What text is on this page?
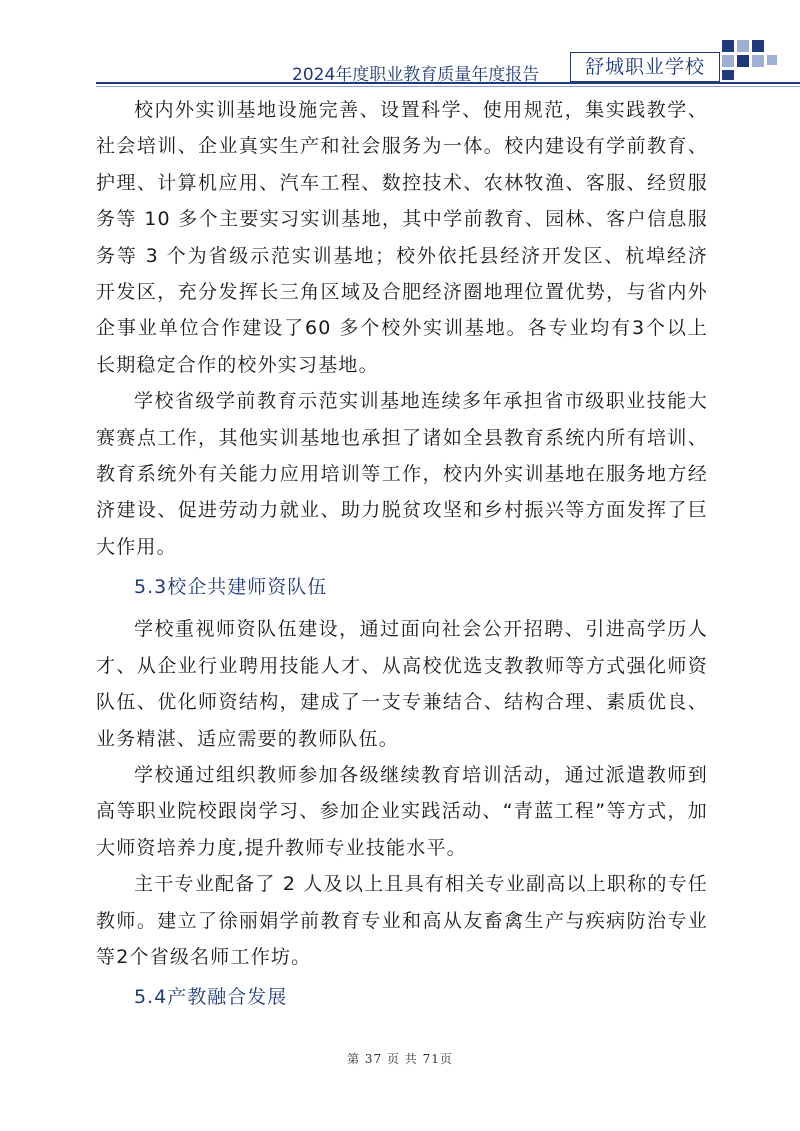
2024年度职业教育质量年度报告	舒城职业学校

校内外实训基地设施完善、设置科学、使用规范，集实践教学、社会培训、企业真实生产和社会服务为一体。校内建设有学前教育、护理、计算机应用、汽车工程、数控技术、农林牧渔、客服、经贸服务等 10 多个主要实习实训基地，其中学前教育、园林、客户信息服务等 3 个为省级示范实训基地；校外依托县经济开发区、杭埠经济开发区，充分发挥长三角区域及合肥经济圈地理位置优势，与省内外企事业单位合作建设了60 多个校外实训基地。各专业均有3个以上长期稳定合作的校外实习基地。

学校省级学前教育示范实训基地连续多年承担省市级职业技能大赛赛点工作，其他实训基地也承担了诸如全县教育系统内所有培训、教育系统外有关能力应用培训等工作，校内外实训基地在服务地方经济建设、促进劳动力就业、助力脱贫攻坚和乡村振兴等方面发挥了巨大作用。

5.3校企共建师资队伍

学校重视师资队伍建设，通过面向社会公开招聘、引进高学历人才、从企业行业聘用技能人才、从高校优选支教教师等方式强化师资队伍、优化师资结构，建成了一支专兼结合、结构合理、素质优良、业务精湛、适应需要的教师队伍。

学校通过组织教师参加各级继续教育培训活动，通过派遣教师到高等职业院校跟岗学习、参加企业实践活动、“青蓝工程”等方式，加大师资培养力度,提升教师专业技能水平。

主干专业配备了 2 人及以上且具有相关专业副高以上职称的专任教师。建立了徐丽娟学前教育专业和高从友畜禽生产与疾病防治专业等2个省级名师工作坊。

5.4产教融合发展
第 37 页 共 71页
